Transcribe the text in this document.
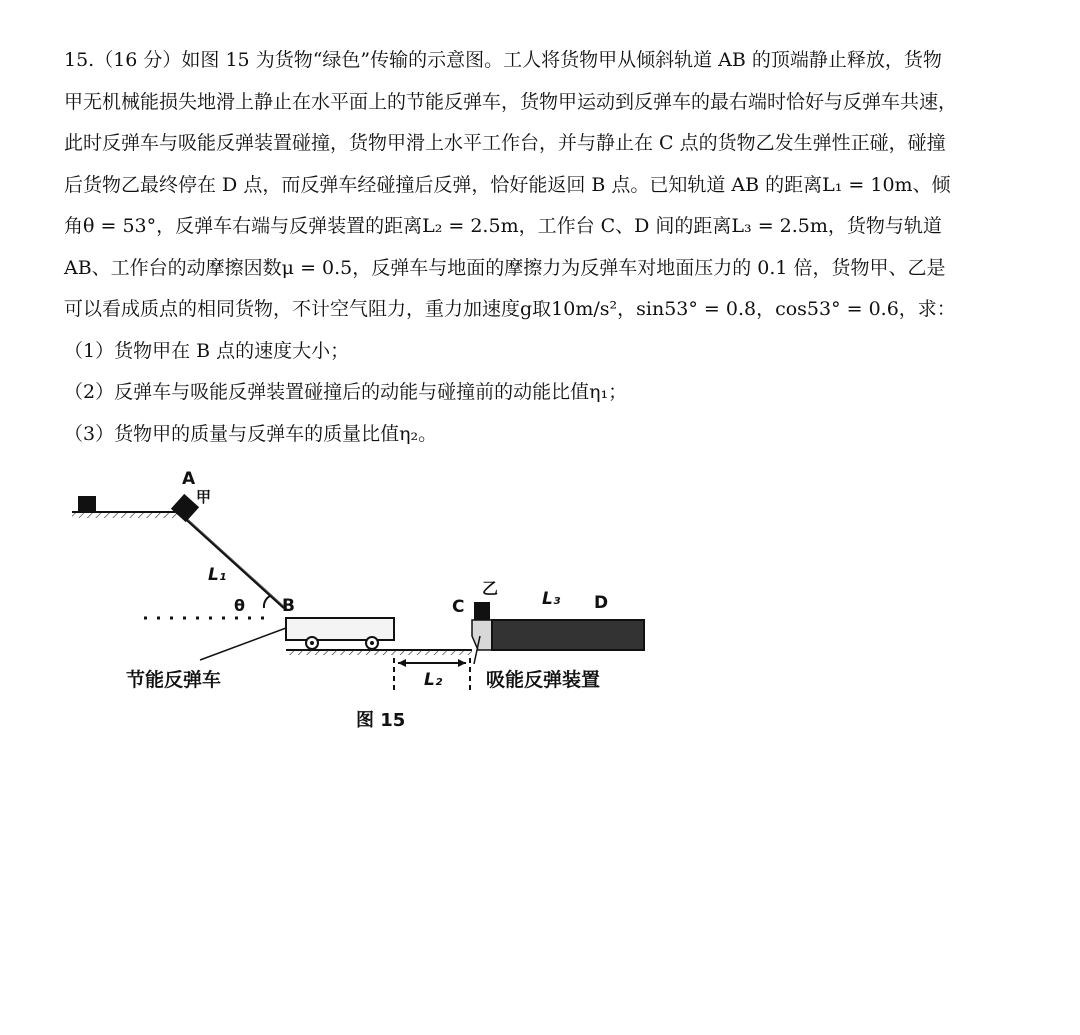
15.（16 分）如图 15 为货物“绿色”传输的示意图。工人将货物甲从倾斜轨道 AB 的顶端静止释放，货物
甲无机械能损失地滑上静止在水平面上的节能反弹车，货物甲运动到反弹车的最右端时恰好与反弹车共速，
此时反弹车与吸能反弹装置碰撞，货物甲滑上水平工作台，并与静止在 C 点的货物乙发生弹性正碰，碰撞
后货物乙最终停在 D 点，而反弹车经碰撞后反弹，恰好能返回 B 点。已知轨道 AB 的距离L₁ = 10m、倾
角θ = 53°，反弹车右端与反弹装置的距离L₂ = 2.5m，工作台 C、D 间的距离L₃ = 2.5m，货物与轨道
AB、工作台的动摩擦因数μ = 0.5，反弹车与地面的摩擦力为反弹车对地面压力的 0.1 倍，货物甲、乙是
可以看成质点的相同货物，不计空气阻力，重力加速度g取10m/s²，sin53° = 0.8，cos53° = 0.6，求：
（1）货物甲在 B 点的速度大小；
（2）反弹车与吸能反弹装置碰撞后的动能与碰撞前的动能比值η₁；
（3）货物甲的质量与反弹车的质量比值η₂。
A
甲
L₁
θ B
L₂
C
乙
L₃ D
节能反弹车	吸能反弹装置
图 15
